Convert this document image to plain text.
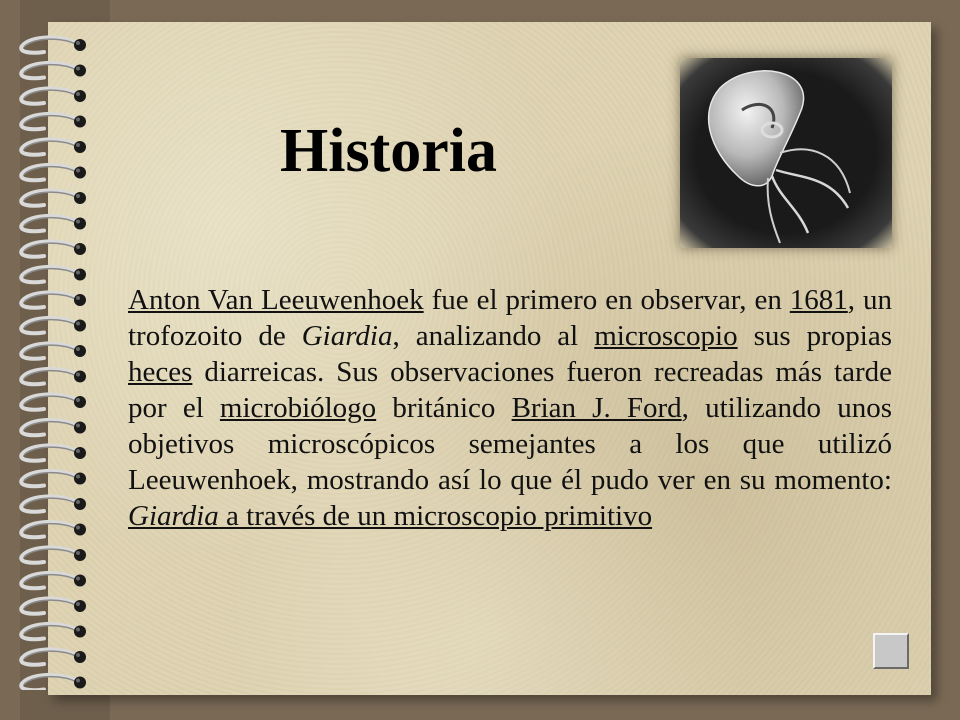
Historia

Anton Van Leeuwenhoek fue el primero en observar, en 1681, un trofozoito de Giardia, analizando al microscopio sus propias heces diarreicas. Sus observaciones fueron recreadas más tarde por el microbiólogo británico Brian J. Ford, utilizando unos objetivos microscópicos semejantes a los que utilizó Leeuwenhoek, mostrando así lo que él pudo ver en su momento: Giardia a través de un microscopio primitivo
